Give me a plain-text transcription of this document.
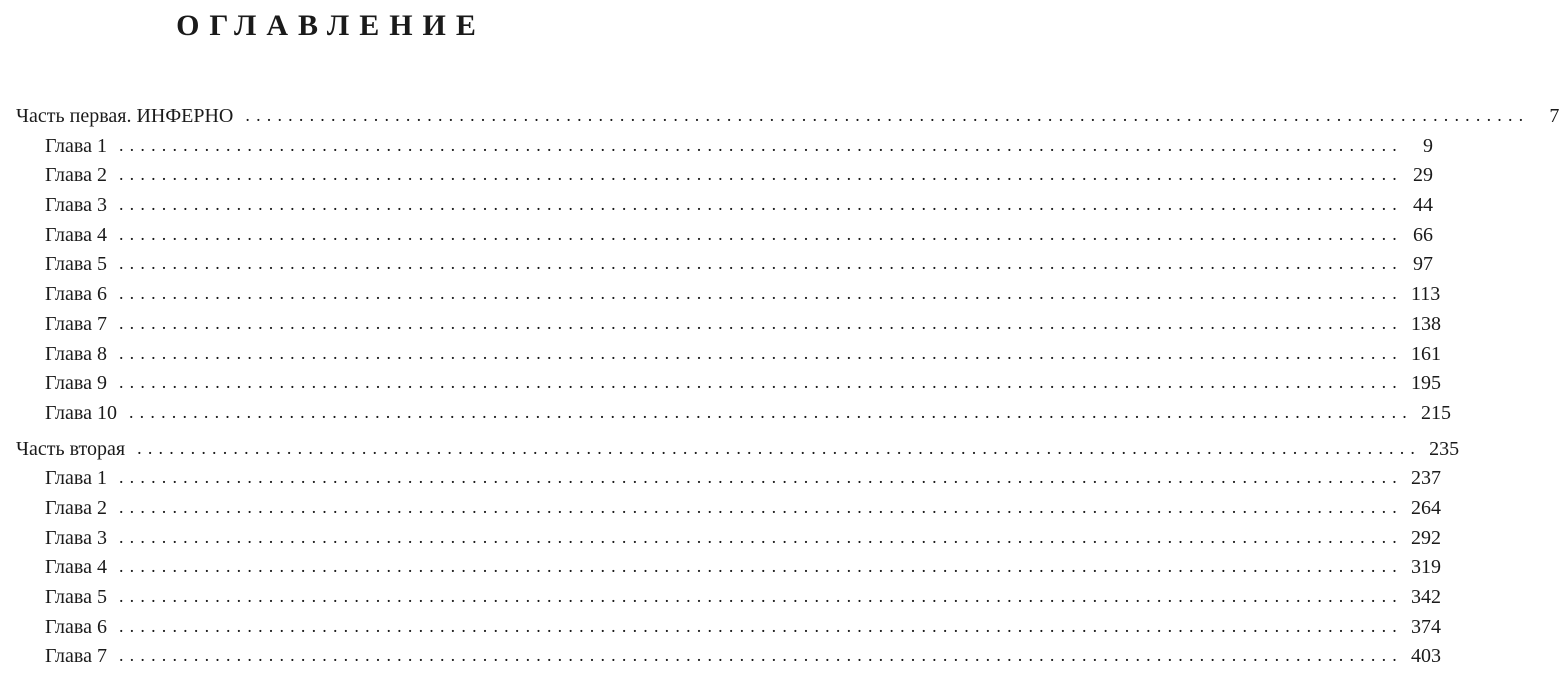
ОГЛАВЛЕНИЕ
Часть первая. ИНФЕРНО ........................................................................................................................	7
Глава 1 ........................................................................................................................	9
Глава 2 ........................................................................................................................ 29
Глава 3 ........................................................................................................................ 44
Глава 4 ........................................................................................................................ 66
Глава 5 ........................................................................................................................ 97
Глава 6 ........................................................................................................................ 113
Глава 7 ........................................................................................................................ 138
Глава 8 ........................................................................................................................ 161
Глава 9 ........................................................................................................................ 195
Глава 10 ........................................................................................................................ 215
Часть вторая ........................................................................................................................ 235
Глава 1 ........................................................................................................................ 237
Глава 2 ........................................................................................................................ 264
Глава 3 ........................................................................................................................ 292
Глава 4 ........................................................................................................................ 319
Глава 5 ........................................................................................................................ 342
Глава 6 ........................................................................................................................ 374
Глава 7 ........................................................................................................................ 403
